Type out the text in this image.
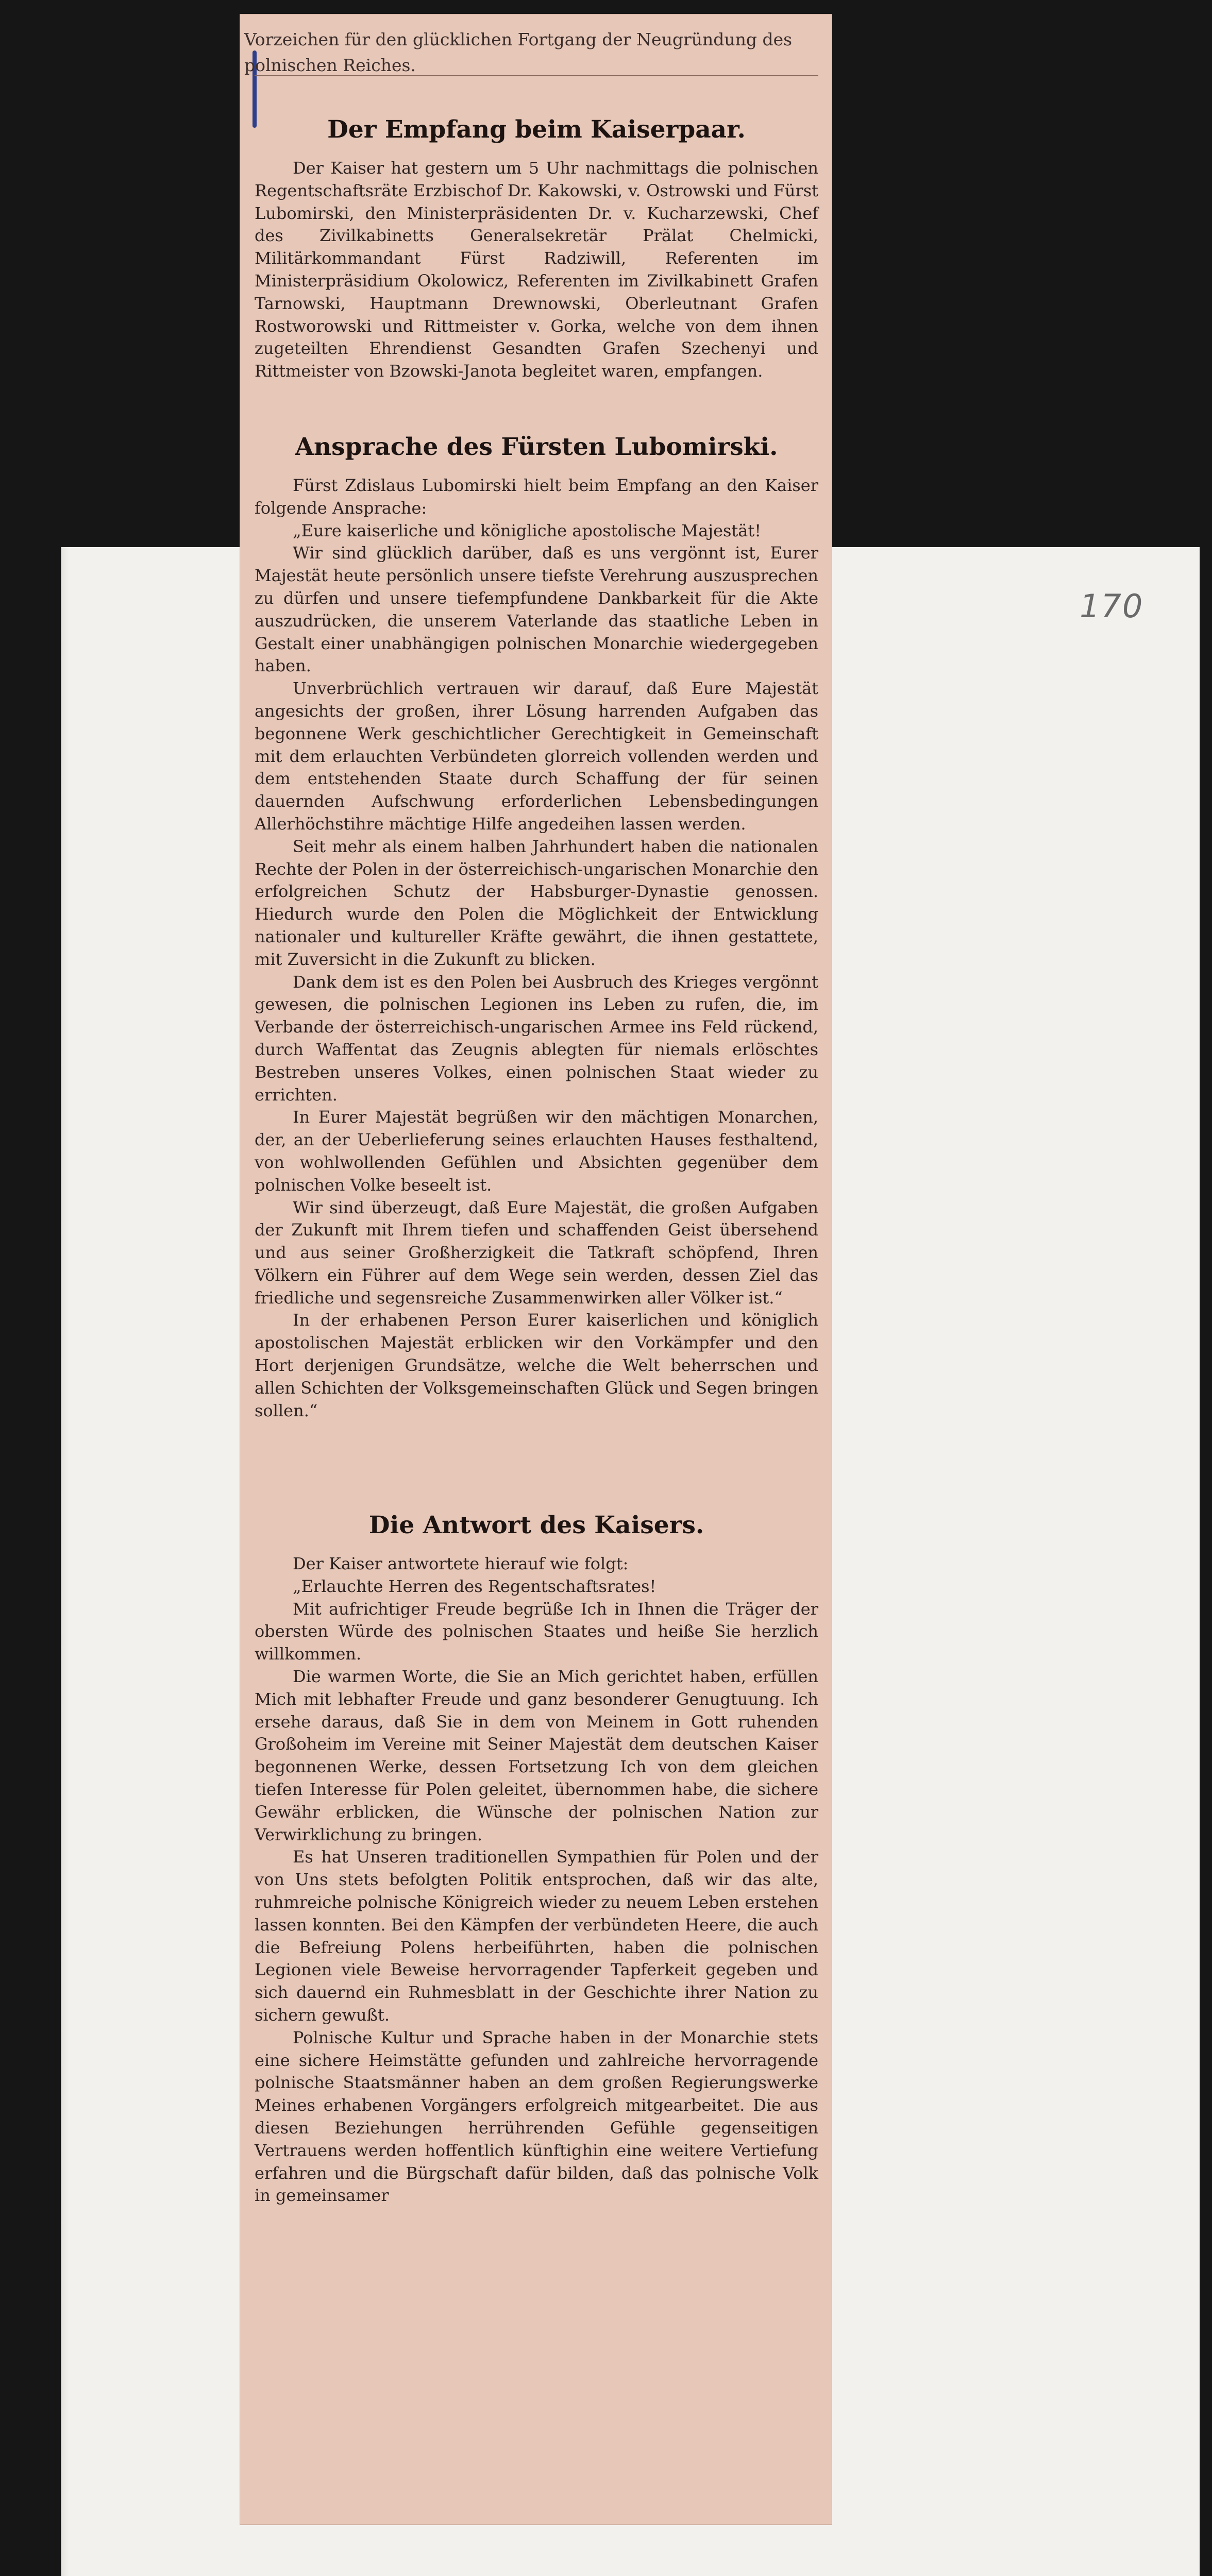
170
Vorzeichen für den glücklichen Fortgang der Neugründung des polnischen Reiches.
Der Empfang beim Kaiserpaar.

Der Kaiser hat gestern um 5 Uhr nachmittags die polnischen Regentschaftsräte Erzbischof Dr. Kakowski, v. Ostrowski und Fürst Lubomirski, den Ministerpräsidenten Dr. v. Kucharzewski, Chef des Zivilkabinetts Generalsekretär Prälat Chelmicki, Militärkommandant Fürst Radziwill, Referenten im Ministerpräsidium Okolowicz, Referenten im Zivilkabinett Grafen Tarnowski, Hauptmann Drewnowski, Oberleutnant Grafen Rostworowski und Rittmeister v. Gorka, welche von dem ihnen zugeteilten Ehrendienst Gesandten Grafen Szechenyi und Rittmeister von Bzowski-Janota begleitet waren, empfangen.

Ansprache des Fürsten Lubomirski.

Fürst Zdislaus Lubomirski hielt beim Empfang an den Kaiser folgende Ansprache:

„Eure kaiserliche und königliche apostolische Majestät!

Wir sind glücklich darüber, daß es uns vergönnt ist, Eurer Majestät heute persönlich unsere tiefste Verehrung auszusprechen zu dürfen und unsere tiefempfundene Dankbarkeit für die Akte auszudrücken, die unserem Vaterlande das staatliche Leben in Gestalt einer unabhängigen polnischen Monarchie wiedergegeben haben.

Unverbrüchlich vertrauen wir darauf, daß Eure Majestät angesichts der großen, ihrer Lösung harrenden Aufgaben das begonnene Werk geschichtlicher Gerechtigkeit in Gemeinschaft mit dem erlauchten Verbündeten glorreich vollenden werden und dem entstehenden Staate durch Schaffung der für seinen dauernden Aufschwung erforderlichen Lebensbedingungen Allerhöchstihre mächtige Hilfe angedeihen lassen werden.

Seit mehr als einem halben Jahrhundert haben die nationalen Rechte der Polen in der österreichisch-ungarischen Monarchie den erfolgreichen Schutz der Habsburger-Dynastie genossen. Hiedurch wurde den Polen die Möglichkeit der Entwicklung nationaler und kultureller Kräfte gewährt, die ihnen gestattete, mit Zuversicht in die Zukunft zu blicken.

Dank dem ist es den Polen bei Ausbruch des Krieges vergönnt gewesen, die polnischen Legionen ins Leben zu rufen, die, im Verbande der österreichisch-ungarischen Armee ins Feld rückend, durch Waffentat das Zeugnis ablegten für niemals erlöschtes Bestreben unseres Volkes, einen polnischen Staat wieder zu errichten.

In Eurer Majestät begrüßen wir den mächtigen Monarchen, der, an der Ueberlieferung seines erlauchten Hauses festhaltend, von wohlwollenden Gefühlen und Absichten gegenüber dem polnischen Volke beseelt ist.

Wir sind überzeugt, daß Eure Majestät, die großen Aufgaben der Zukunft mit Ihrem tiefen und schaffenden Geist übersehend und aus seiner Großherzigkeit die Tatkraft schöpfend, Ihren Völkern ein Führer auf dem Wege sein werden, dessen Ziel das friedliche und segensreiche Zusammenwirken aller Völker ist.“

In der erhabenen Person Eurer kaiserlichen und königlich apostolischen Majestät erblicken wir den Vorkämpfer und den Hort derjenigen Grundsätze, welche die Welt beherrschen und allen Schichten der Volksgemeinschaften Glück und Segen bringen sollen.“

Die Antwort des Kaisers.

Der Kaiser antwortete hierauf wie folgt:

„Erlauchte Herren des Regentschaftsrates!

Mit aufrichtiger Freude begrüße Ich in Ihnen die Träger der obersten Würde des polnischen Staates und heiße Sie herzlich willkommen.

Die warmen Worte, die Sie an Mich gerichtet haben, erfüllen Mich mit lebhafter Freude und ganz besonderer Genugtuung. Ich ersehe daraus, daß Sie in dem von Meinem in Gott ruhenden Großoheim im Vereine mit Seiner Majestät dem deutschen Kaiser begonnenen Werke, dessen Fortsetzung Ich von dem gleichen tiefen Interesse für Polen geleitet, übernommen habe, die sichere Gewähr erblicken, die Wünsche der polnischen Nation zur Verwirklichung zu bringen.

Es hat Unseren traditionellen Sympathien für Polen und der von Uns stets befolgten Politik entsprochen, daß wir das alte, ruhmreiche polnische Königreich wieder zu neuem Leben erstehen lassen konnten. Bei den Kämpfen der verbündeten Heere, die auch die Befreiung Polens herbeiführten, haben die polnischen Legionen viele Beweise hervorragender Tapferkeit gegeben und sich dauernd ein Ruhmesblatt in der Geschichte ihrer Nation zu sichern gewußt.

Polnische Kultur und Sprache haben in der Monarchie stets eine sichere Heimstätte gefunden und zahlreiche hervorragende polnische Staatsmänner haben an dem großen Regierungswerke Meines erhabenen Vorgängers erfolgreich mitgearbeitet. Die aus diesen Beziehungen herrührenden Gefühle gegenseitigen Vertrauens werden hoffentlich künftighin eine weitere Vertiefung erfahren und die Bürgschaft dafür bilden, daß das polnische Volk in gemeinsamer
